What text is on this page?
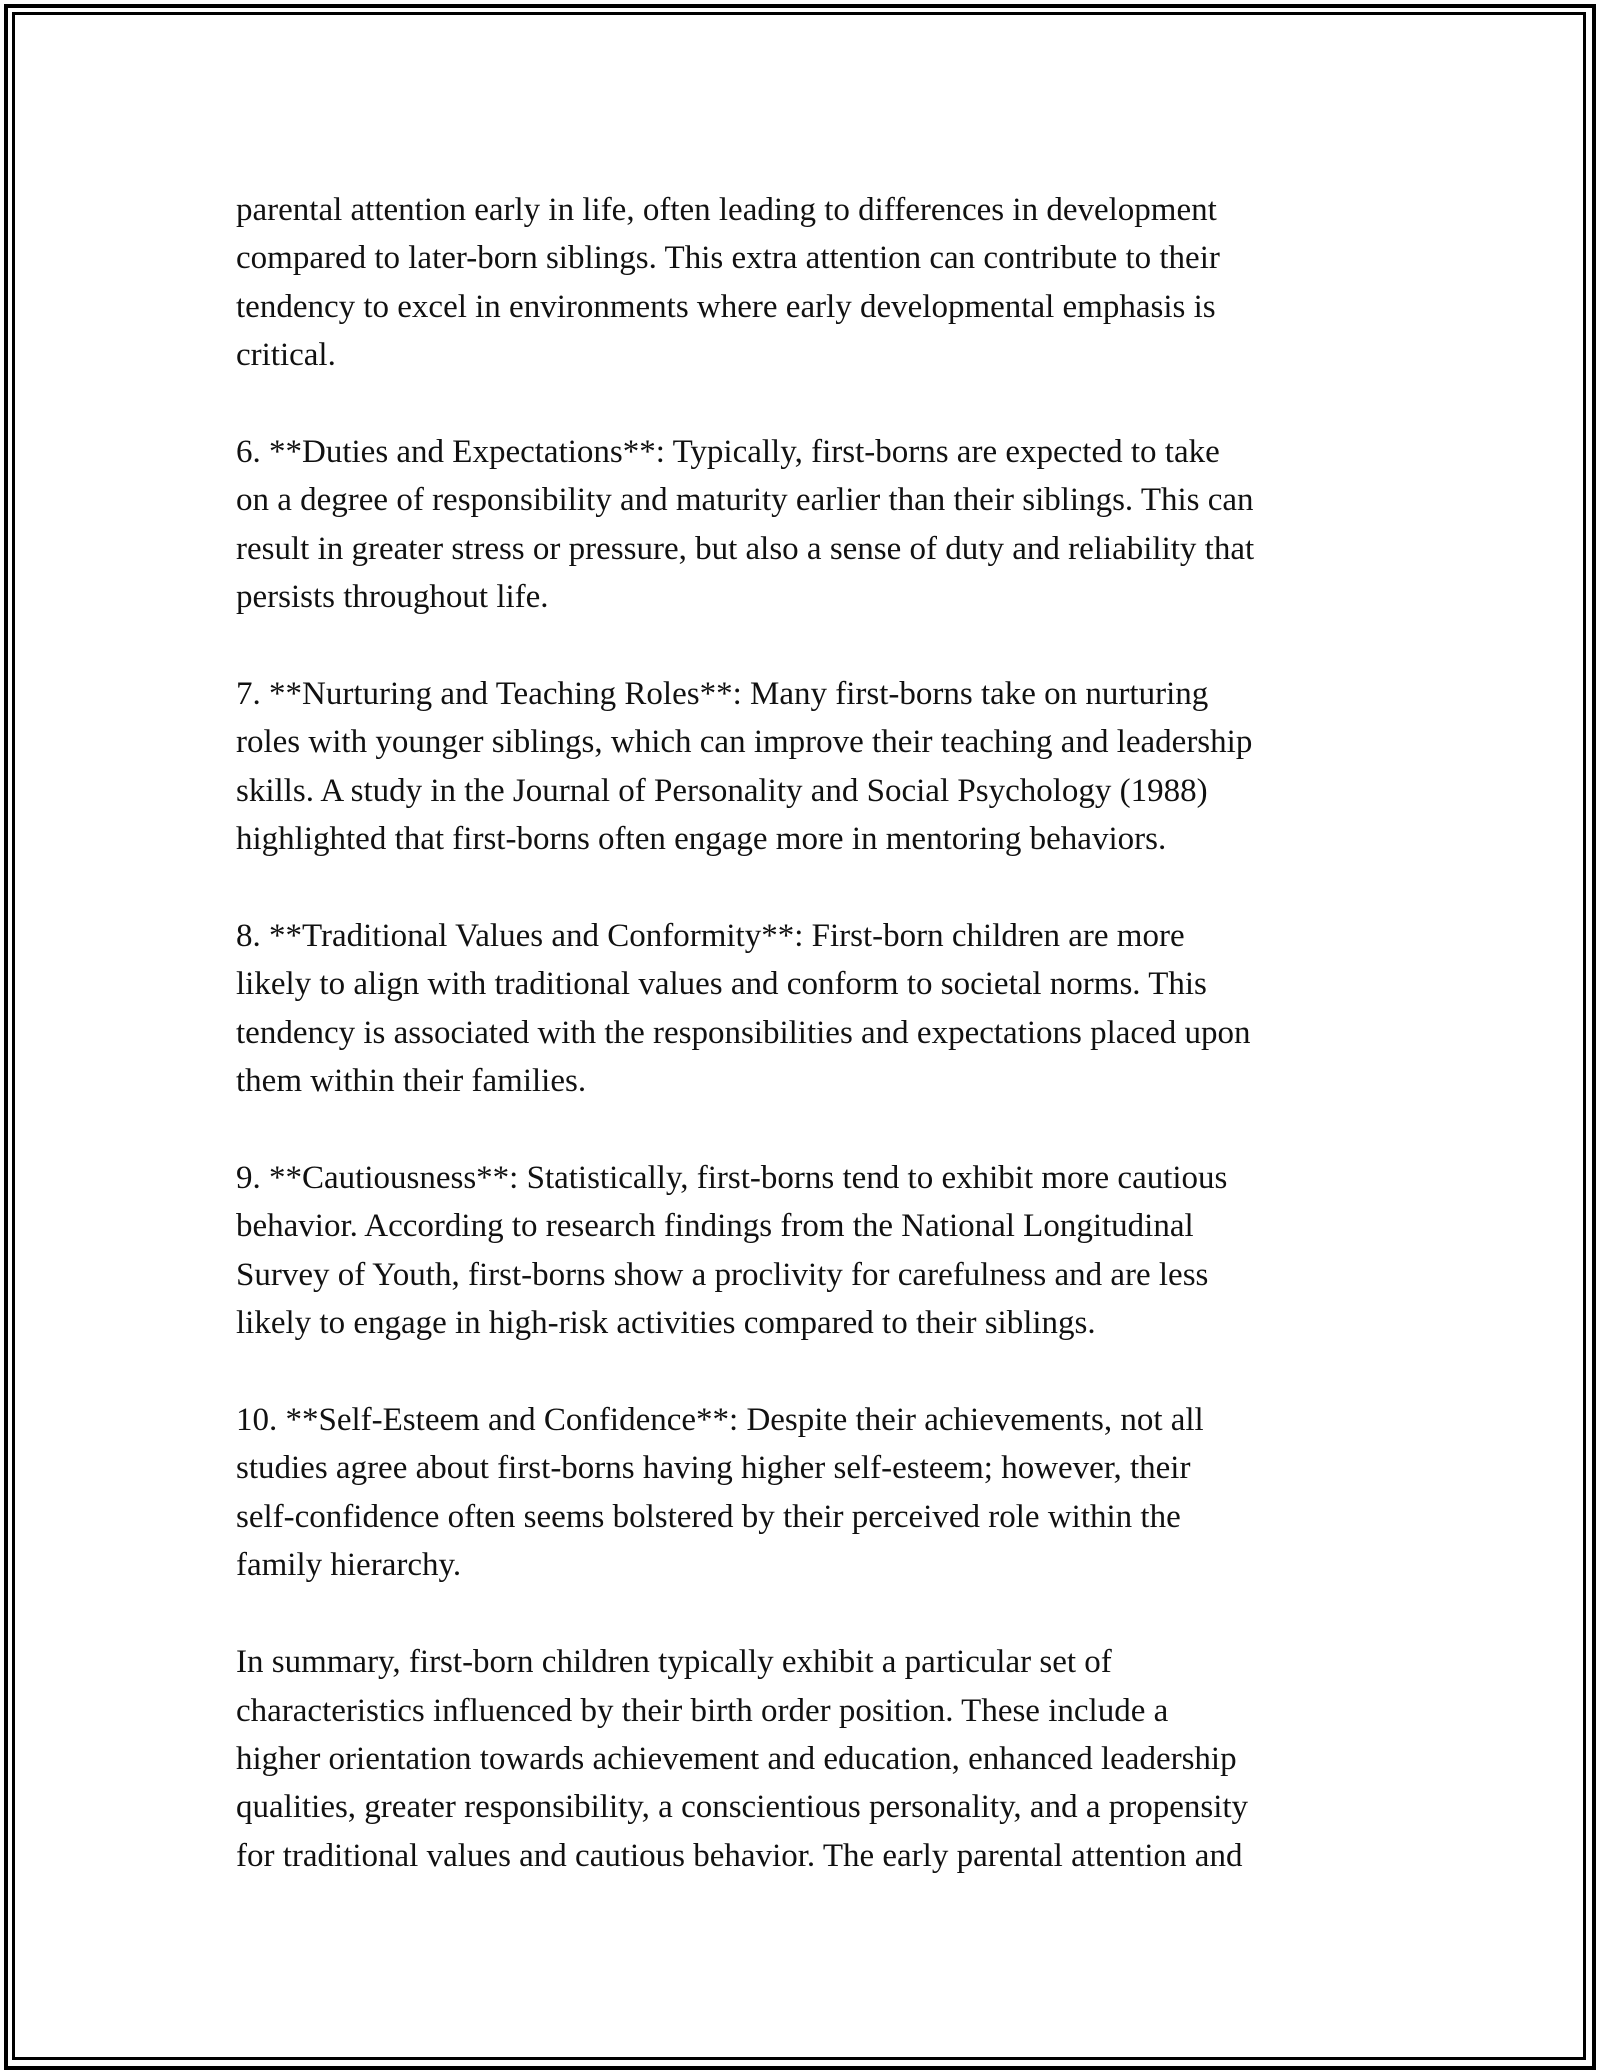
parental attention early in life, often leading to differences in development
compared to later-born siblings. This extra attention can contribute to their
tendency to excel in environments where early developmental emphasis is
critical.

6. **Duties and Expectations**: Typically, first-borns are expected to take
on a degree of responsibility and maturity earlier than their siblings. This can
result in greater stress or pressure, but also a sense of duty and reliability that
persists throughout life.

7. **Nurturing and Teaching Roles**: Many first-borns take on nurturing
roles with younger siblings, which can improve their teaching and leadership
skills. A study in the Journal of Personality and Social Psychology (1988)
highlighted that first-borns often engage more in mentoring behaviors.

8. **Traditional Values and Conformity**: First-born children are more
likely to align with traditional values and conform to societal norms. This
tendency is associated with the responsibilities and expectations placed upon
them within their families.

9. **Cautiousness**: Statistically, first-borns tend to exhibit more cautious
behavior. According to research findings from the National Longitudinal
Survey of Youth, first-borns show a proclivity for carefulness and are less
likely to engage in high-risk activities compared to their siblings.

10. **Self-Esteem and Confidence**: Despite their achievements, not all
studies agree about first-borns having higher self-esteem; however, their
self-confidence often seems bolstered by their perceived role within the
family hierarchy.

In summary, first-born children typically exhibit a particular set of
characteristics influenced by their birth order position. These include a
higher orientation towards achievement and education, enhanced leadership
qualities, greater responsibility, a conscientious personality, and a propensity
for traditional values and cautious behavior. The early parental attention and
